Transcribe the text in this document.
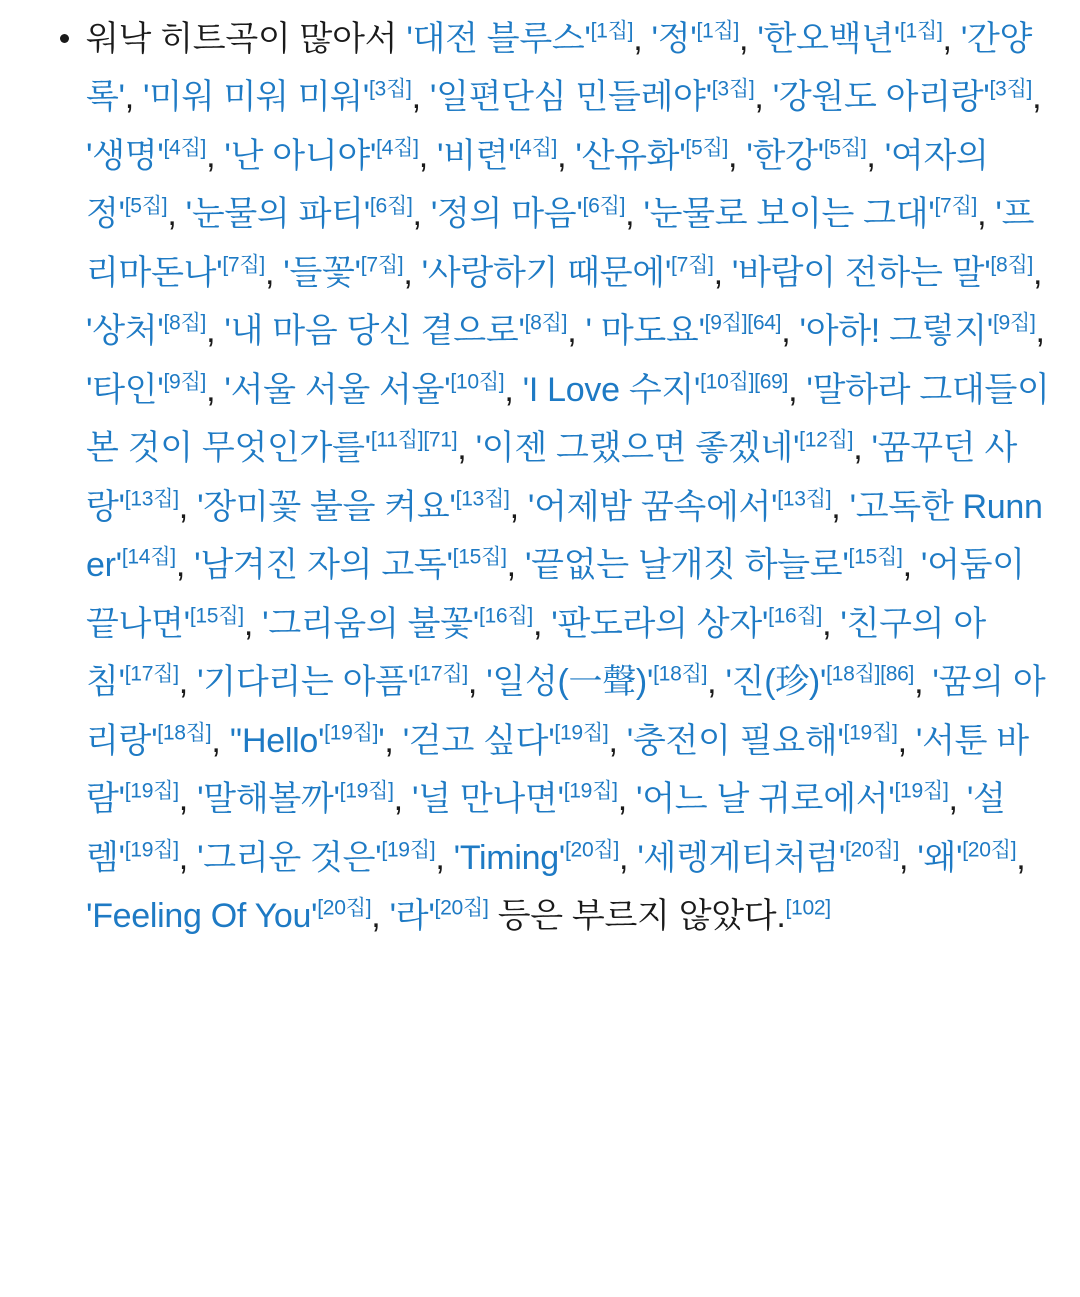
워낙 히트곡이 많아서 '대전 블루스'[1집], '정'[1집], '한오백년'[1집], '간양록', '미워 미워 미워'[3집], '일편단심 민들레야'[3집], '강원도 아리랑'[3집], '생명'[4집], '난 아니야'[4집], '비련'[4집], '산유화'[5집], '한강'[5집], '여자의 정'[5집], '눈물의 파티'[6집], '정의 마음'[6집], '눈물로 보이는 그대'[7집], '프리마돈나'[7집], '들꽃'[7집], '사랑하기 때문에'[7집], '바람이 전하는 말'[8집], '상처'[8집], '내 마음 당신 곁으로'[8집], ' 마도요'[9집][64], '아하! 그렇지'[9집], '타인'[9집], '서울 서울 서울'[10집], 'I Love 수지'[10집][69], '말하라 그대들이 본 것이 무엇인가를'[11집][71], '이젠 그랬으면 좋겠네'[12집], '꿈꾸던 사랑'[13집], '장미꽃 불을 켜요'[13집], '어제밤 꿈속에서'[13집], '고독한 Runner'[14집], '남겨진 자의 고독'[15집], '끝없는 날개짓 하늘로'[15집], '어둠이 끝나면'[15집], '그리움의 불꽃'[16집], '판도라의 상자'[16집], '친구의 아침'[17집], '기다리는 아픔'[17집], '일성(一聲)'[18집], '진(珍)'[18집][86], '꿈의 아리랑'[18집], ''Hello'[19집]', '걷고 싶다'[19집], '충전이 필요해'[19집], '서툰 바람'[19집], '말해볼까'[19집], '널 만나면'[19집], '어느 날 귀로에서'[19집], '설렘'[19집], '그리운 것은'[19집], 'Timing'[20집], '세렝게티처럼'[20집], '왜'[20집], 'Feeling Of You'[20집], '라'[20집] 등은 부르지 않았다.[102]
